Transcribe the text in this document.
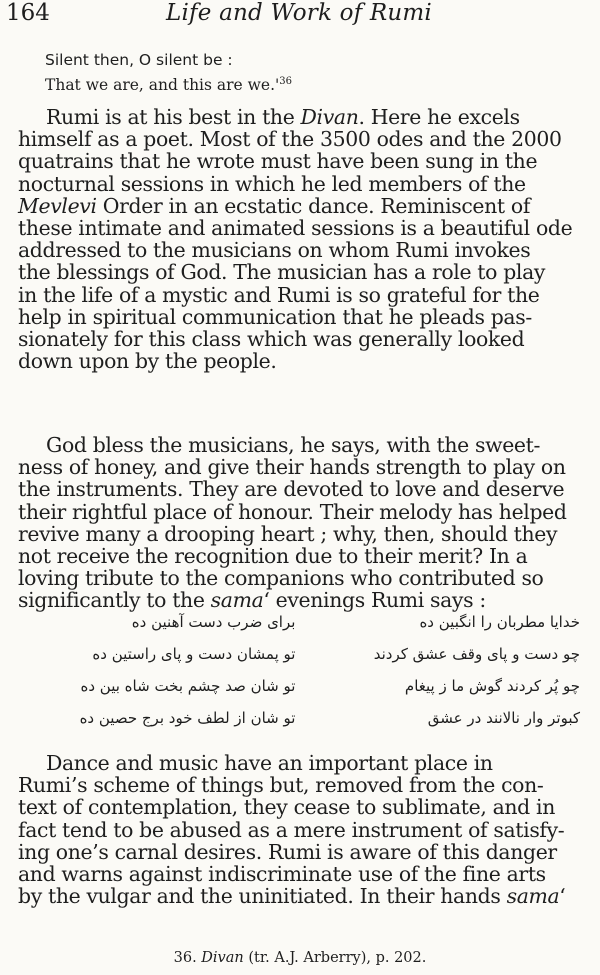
164	Life and Work of Rumi
Silent then, O silent be :
That we are, and this are $we.'^{36}$
Rumi is at his best in the Divan. Here he excels
himself as a poet. Most of the 3500 odes and the 2000
quatrains that he wrote must have been sung in the
nocturnal sessions in which he led members of the
Mevlevi Order in an ecstatic dance. Reminiscent of
these intimate and animated sessions is a beautiful ode
addressed to the musicians on whom Rumi invokes
the blessings of God. The musician has a role to play
in the life of a mystic and Rumi is so grateful for the
help in spiritual communication that he pleads pas-
sionately for this class which was generally looked
down upon by the people.
God bless the musicians, he says, with the sweet-
ness of honey, and give their hands strength to play on
the instruments. They are devoted to love and deserve
their rightful place of honour. Their melody has helped
revive many a drooping heart ; why, then, should they
not receive the recognition due to their merit? In a
loving tribute to the companions who contributed so
significantly to the sama‘ evenings Rumi says :
خدایا مطربان را انگبین ده
برای ضرب دست آهنین ده
چو دست و پای وقف عشق کردند
تو پمشان دست و پای راستین ده
چو پُر کردند گوش ما ز پیغام
تو شان صد چشم بخت شاه بین ده
کبوتر وار نالانند در عشق
تو شان از لطف خود برج حصین ده
Dance and music have an important place in
Rumi’s scheme of things but, removed from the con-
text of contemplation, they cease to sublimate, and in
fact tend to be abused as a mere instrument of satisfy-
ing one’s carnal desires. Rumi is aware of this danger
and warns against indiscriminate use of the fine arts
by the vulgar and the uninitiated. In their hands sama‘
36. Divan (tr. A.J. Arberry), p. 202.
